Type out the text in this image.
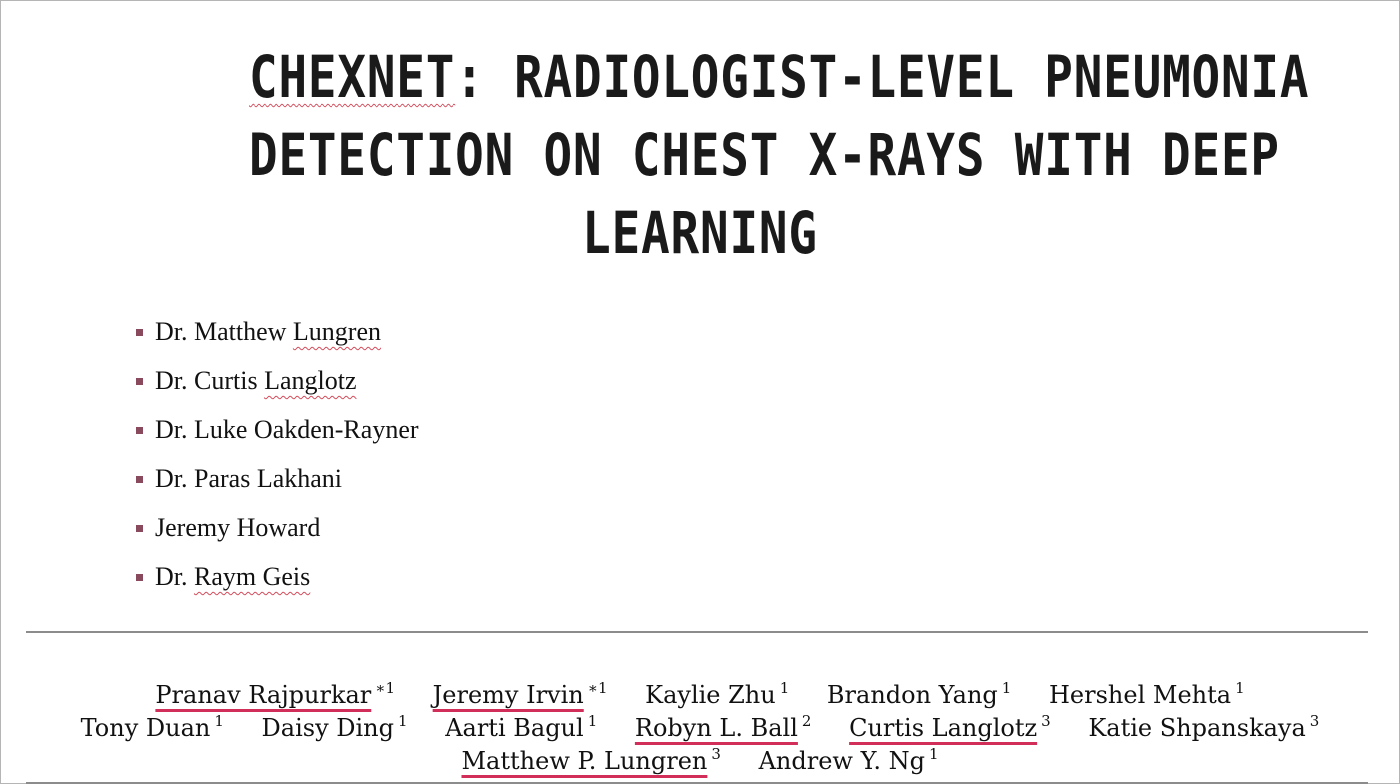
CHEXNET: RADIOLOGIST-LEVEL PNEUMONIA
DETECTION ON CHEST X-RAYS WITH DEEP
LEARNING
Dr. Matthew Lungren
Dr. Curtis Langlotz
Dr. Luke Oakden-Rayner
Dr. Paras Lakhani
Jeremy Howard
Dr. Raym Geis
Pranav Rajpurkar $^{∗1}$ Jeremy Irvin $^{∗1}$ Kaylie Zhu $^1$ Brandon Yang $^1$ Hershel Mehta $^1$
Tony Duan $^1$ Daisy Ding $^1$ Aarti Bagul $^1$ Robyn L. Ball $^2$ Curtis Langlotz $^3$ Katie Shpanskaya $^3$
Matthew P. Lungren $^3$ Andrew Y. Ng $^1$
